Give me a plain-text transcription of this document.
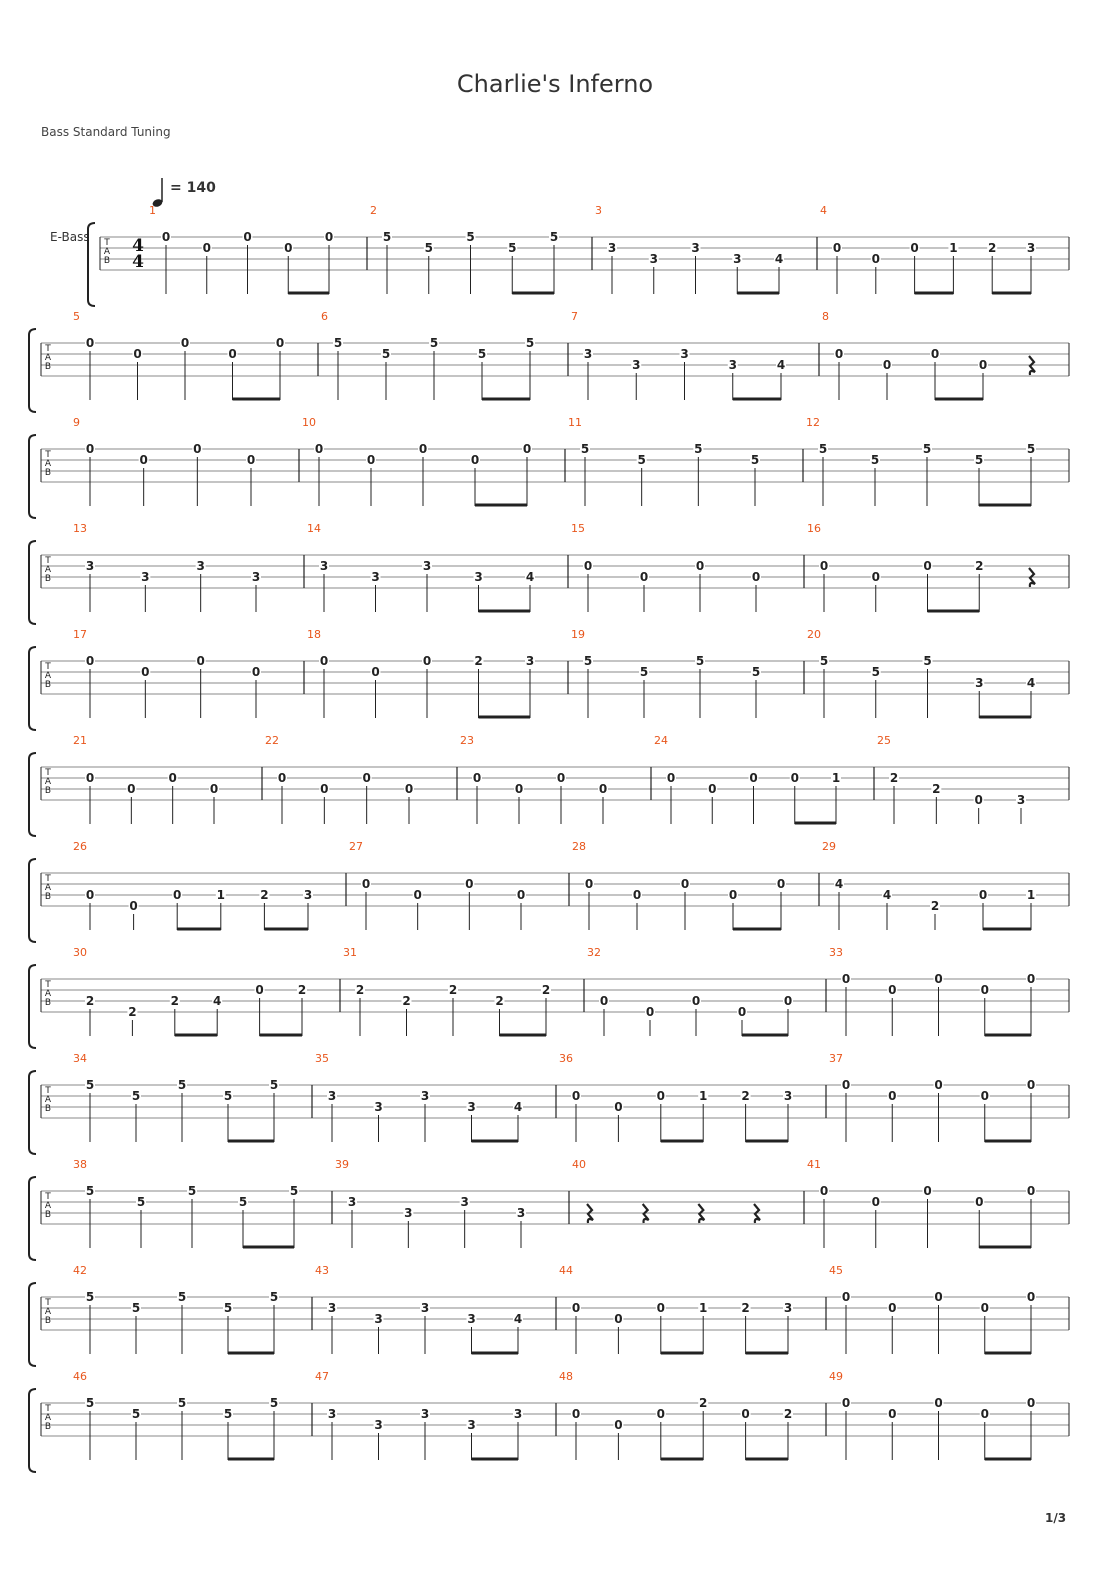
Charlie's Inferno
Bass Standard Tuning
= 140
E-Bass T
A
B
4
4
1
0
0
0
0
0
2
5
5
5
5
5
3
3
3
3
3	4
4
0
0
0	1	2	3
T
A
B
5
0
0
0
0
0
6
5
5
5
5
5
7
3
3
3
3	4
8
0
0
0
0
T
A
B
9
0
0
0
0
10
0
0
0
0
0
11
5
5
5
5
12
5
5
5
5
5
T
A
B
13
3
3
3
3
14
3
3
3
3	4
15
0
0
0
0
16
0
0
0	2
T
A
B
17
0
0
0
0
18
0
0
0	2	3
19
5
5
5
5
20
5
5
5
3	4
T
A
B
21
0
0
0
0
22
0
0
0
0
23
0
0
0
0
24
0
0
0	0	1
25
2
2
0	3
T
A
B
26
0
0
0	1	2	3
27
0
0
0
0
28
0
0
0
0
0
29
4
4
2
0	1
T
A
B
30
2
2
2	4
0	2
31
2
2
2
2
2
32
0
0
0
0
0
33
0
0
0
0
0
T
A
B
34
5
5
5
5
5
35
3
3
3
3	4
36
0
0
0	1	2	3
37
0
0
0
0
0
T
A
B
38
5
5
5
5
5
39
3
3
3
3
40	41
0
0
0
0
0
T
A
B
42
5
5
5
5
5
43
3
3
3
3	4
44
0
0
0	1	2	3
45
0
0
0
0
0
T
A
B
46
5
5
5
5
5
47
3
3
3
3
3
48
0
0
0
2
0	2
49
0
0
0
0
0
1/3
